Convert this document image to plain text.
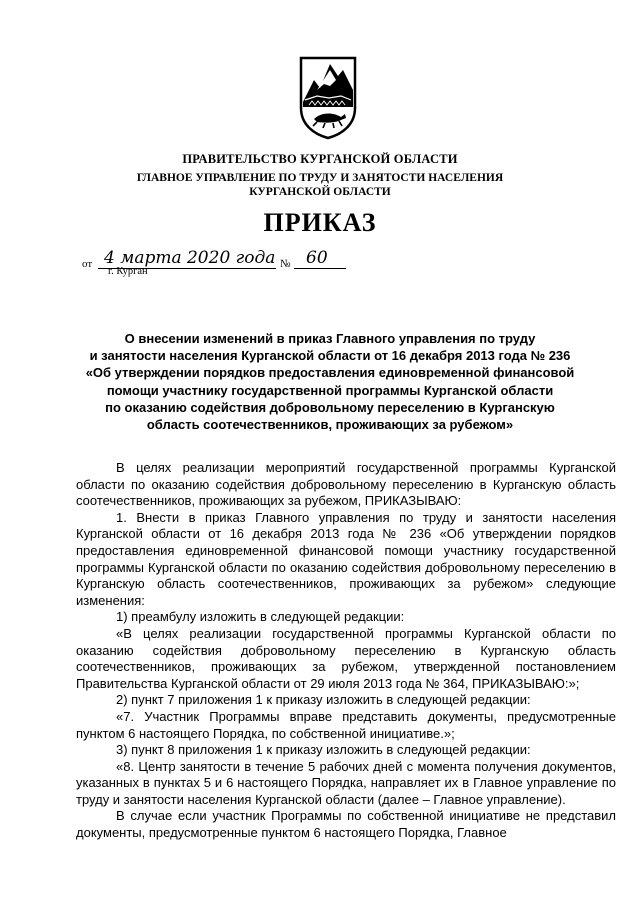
ПРАВИТЕЛЬСТВО КУРГАНСКОЙ ОБЛАСТИ
ГЛАВНОЕ УПРАВЛЕНИЕ ПО ТРУДУ И ЗАНЯТОСТИ НАСЕЛЕНИЯ
КУРГАНСКОЙ ОБЛАСТИ
ПРИКАЗ
от 4 марта 2020 года № 60
г. Курган
О внесении изменений в приказ Главного управления по труду
и занятости населения Курганской области от 16 декабря 2013 года № 236
«Об утверждении порядков предоставления единовременной финансовой
помощи участнику государственной программы Курганской области
по оказанию содействия добровольному переселению в Курганскую
область соотечественников, проживающих за рубежом»

В целях реализации мероприятий государственной программы Курганской области по оказанию содействия добровольному переселению в Курганскую область соотечественников, проживающих за рубежом, ПРИКАЗЫВАЮ:

1. Внести в приказ Главного управления по труду и занятости населения Курганской области от 16 декабря 2013 года № 236 «Об утверждении порядков предоставления единовременной финансовой помощи участнику государственной программы Курганской области по оказанию содействия добровольному переселению в Курганскую область соотечественников, проживающих за рубежом» следующие изменения:

1) преамбулу изложить в следующей редакции:

«В целях реализации государственной программы Курганской области по оказанию содействия добровольному переселению в Курганскую область соотечественников, проживающих за рубежом, утвержденной постановлением Правительства Курганской области от 29 июля 2013 года № 364, ПРИКАЗЫВАЮ:»;

2) пункт 7 приложения 1 к приказу изложить в следующей редакции:

«7. Участник Программы вправе представить документы, предусмотренные пунктом 6 настоящего Порядка, по собственной инициативе.»;

3) пункт 8 приложения 1 к приказу изложить в следующей редакции:

«8. Центр занятости в течение 5 рабочих дней с момента получения документов, указанных в пунктах 5 и 6 настоящего Порядка, направляет их в Главное управление по труду и занятости населения Курганской области (далее – Главное управление).

В случае если участник Программы по собственной инициативе не представил документы, предусмотренные пунктом 6 настоящего Порядка, Главное
